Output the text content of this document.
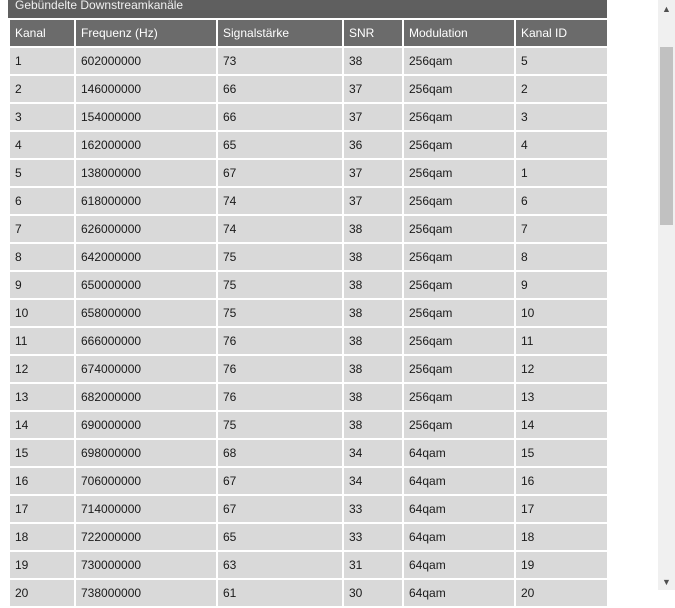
Gebündelte Downstreamkanäle
Kanal	Frequenz (Hz)	Signalstärke	SNR	Modulation	Kanal ID
1	602000000	73	38	256qam	5
2	146000000	66	37	256qam	2
3	154000000	66	37	256qam	3
4	162000000	65	36	256qam	4
5	138000000	67	37	256qam	1
6	618000000	74	37	256qam	6
7	626000000	74	38	256qam	7
8	642000000	75	38	256qam	8
9	650000000	75	38	256qam	9
10	658000000	75	38	256qam	10
11	666000000	76	38	256qam	11
12	674000000	76	38	256qam	12
13	682000000	76	38	256qam	13
14	690000000	75	38	256qam	14
15	698000000	68	34	64qam	15
16	706000000	67	34	64qam	16
17	714000000	67	33	64qam	17
18	722000000	65	33	64qam	18
19	730000000	63	31	64qam	19
20	738000000	61	30	64qam	20
▲
▼
